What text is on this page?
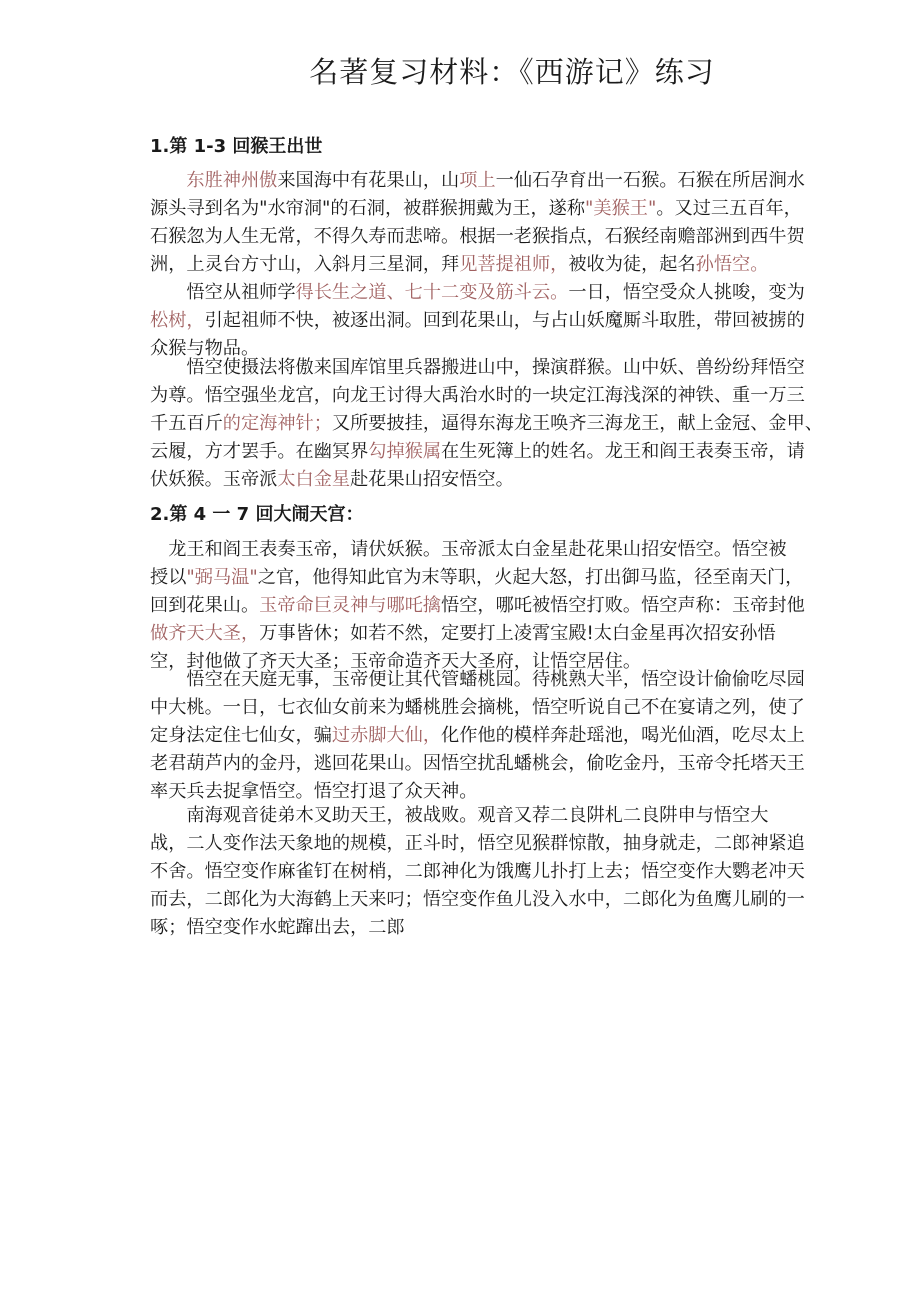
名著复习材料：《西游记》练习
1.第 1-3 回猴王出世

　　东胜神州傲来国海中有花果山，山项上一仙石孕育出一石猴。石猴在所居涧水
源头寻到名为"水帘洞"的石洞，被群猴拥戴为王，遂称"美猴王"。又过三五百年，
石猴忽为人生无常，不得久寿而悲啼。根据一老猴指点，石猴经南赡部洲到西牛贺
洲，上灵台方寸山，入斜月三星洞，拜见菩提祖师，被收为徒，起名孙悟空。

　　悟空从祖师学得长生之道、七十二变及筋斗云。一日，悟空受众人挑唆，变为
松树，引起祖师不快，被逐出洞。回到花果山，与占山妖魔厮斗取胜，带回被掳的
众猴与物品。

　　悟空使摄法将傲来国库馆里兵器搬进山中，操演群猴。山中妖、兽纷纷拜悟空
为尊。悟空强坐龙宫，向龙王讨得大禹治水时的一块定江海浅深的神铁、重一万三
千五百斤的定海神针；又所要披挂，逼得东海龙王唤齐三海龙王，献上金冠、金甲、
云履，方才罢手。在幽冥界勾掉猴属在生死簿上的姓名。龙王和阎王表奏玉帝，请
伏妖猴。玉帝派太白金星赴花果山招安悟空。

2.第 4 一 7 回大闹天宫：

　龙王和阎王表奏玉帝，请伏妖猴。玉帝派太白金星赴花果山招安悟空。悟空被
授以"弼马温"之官，他得知此官为末等职，火起大怒，打出御马监，径至南天门，
回到花果山。玉帝命巨灵神与哪吒擒悟空，哪吒被悟空打败。悟空声称：玉帝封他
做齐天大圣，万事皆休；如若不然，定要打上凌霄宝殿!太白金星再次招安孙悟
空，封他做了齐天大圣；玉帝命造齐天大圣府，让悟空居住。

　　悟空在天庭无事，玉帝便让其代管蟠桃园。待桃熟大半，悟空设计偷偷吃尽园
中大桃。一日，七衣仙女前来为蟠桃胜会摘桃，悟空听说自己不在宴请之列，使了
定身法定住七仙女，骗过赤脚大仙，化作他的模样奔赴瑶池，喝光仙酒，吃尽太上
老君葫芦内的金丹，逃回花果山。因悟空扰乱蟠桃会，偷吃金丹，玉帝令托塔天王
率天兵去捉拿悟空。悟空打退了众天神。

　　南海观音徒弟木叉助天王，被战败。观音又荐二良阱札二良阱申与悟空大
战，二人变作法天象地的规模，正斗时，悟空见猴群惊散，抽身就走，二郎神紧追
不舍。悟空变作麻雀钉在树梢，二郎神化为饿鹰儿扑打上去；悟空变作大鹦老冲天
而去，二郎化为大海鹤上天来叼；悟空变作鱼儿没入水中，二郎化为鱼鹰儿刷的一
啄；悟空变作水蛇蹿出去，二郎
